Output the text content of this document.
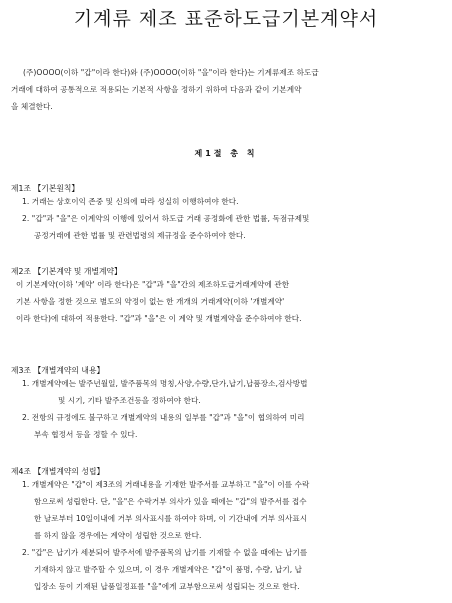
기계류 제조 표준하도급기본계약서
(주)OOOO(이하 "갑"이라 한다)와 (주)OOOO(이하 "을"이라 한다)는 기계류제조 하도급
거래에 대하여 공통적으로 적용되는 기본적 사항을 정하기 위하여 다음과 같이 기본계약
을 체결한다.
제1절 총 칙
제1조 【기본원칙】
1. 거래는 상호이익 존중 및 신의에 따라 성실히 이행하여야 한다.
2. "갑"과 "을"은 이계약의 이행에 있어서 하도급 거래 공정화에 관한 법률, 독점규제및
공정거래에 관한 법률 및 관련법령의 제규정을 준수하여야 한다.
제2조 【기본계약 및 개별계약】
이 기본계약(이하 '계약' 이라 한다)은 "갑"과 "을"간의 제조하도급거래계약에 관한
기본 사항을 정한 것으로 별도의 약정이 없는 한 개개의 거래계약(이하 '개별계약'
이라 한다)에 대하여 적용한다. "갑"과 "을"은 이 계약 및 개별계약을 준수하여야 한다.
제3조 【개별계약의 내용】
1. 개별계약에는 발주년월일, 발주품목의 명칭,사양,수량,단가,납기,납품장소,검사방법
및 시기, 기타 발주조건등을 정하여야 한다.
2. 전항의 규정에도 불구하고 개별계약의 내용의 일부를 "갑"과 "을"이 협의하여 미리
부속 협정서 등을 정할 수 있다.
제4조 【개별계약의 성립】
1. 개별계약은 "갑"이 제3조의 거래내용을 기재한 발주서를 교부하고 "을"이 이를 수락
함으로써 성립한다. 단, "을"은 수락거부 의사가 있을 때에는 "갑"의 발주서를 접수
한 날로부터 10일이내에 거부 의사표시를 하여야 하며, 이 기간내에 거부 의사표시
를 하지 않을 경우에는 계약이 성립한 것으로 한다.
2. "갑"은 납기가 세분되어 발주서에 발주품목의 납기를 기재할 수 없을 때에는 납기를
기재하지 않고 발주할 수 있으며, 이 경우 개별계약은 "갑"이 품명, 수량, 납기, 납
입장소 등이 기재된 납품일정표를 "을"에게 교부함으로써 성립되는 것으로 한다.
